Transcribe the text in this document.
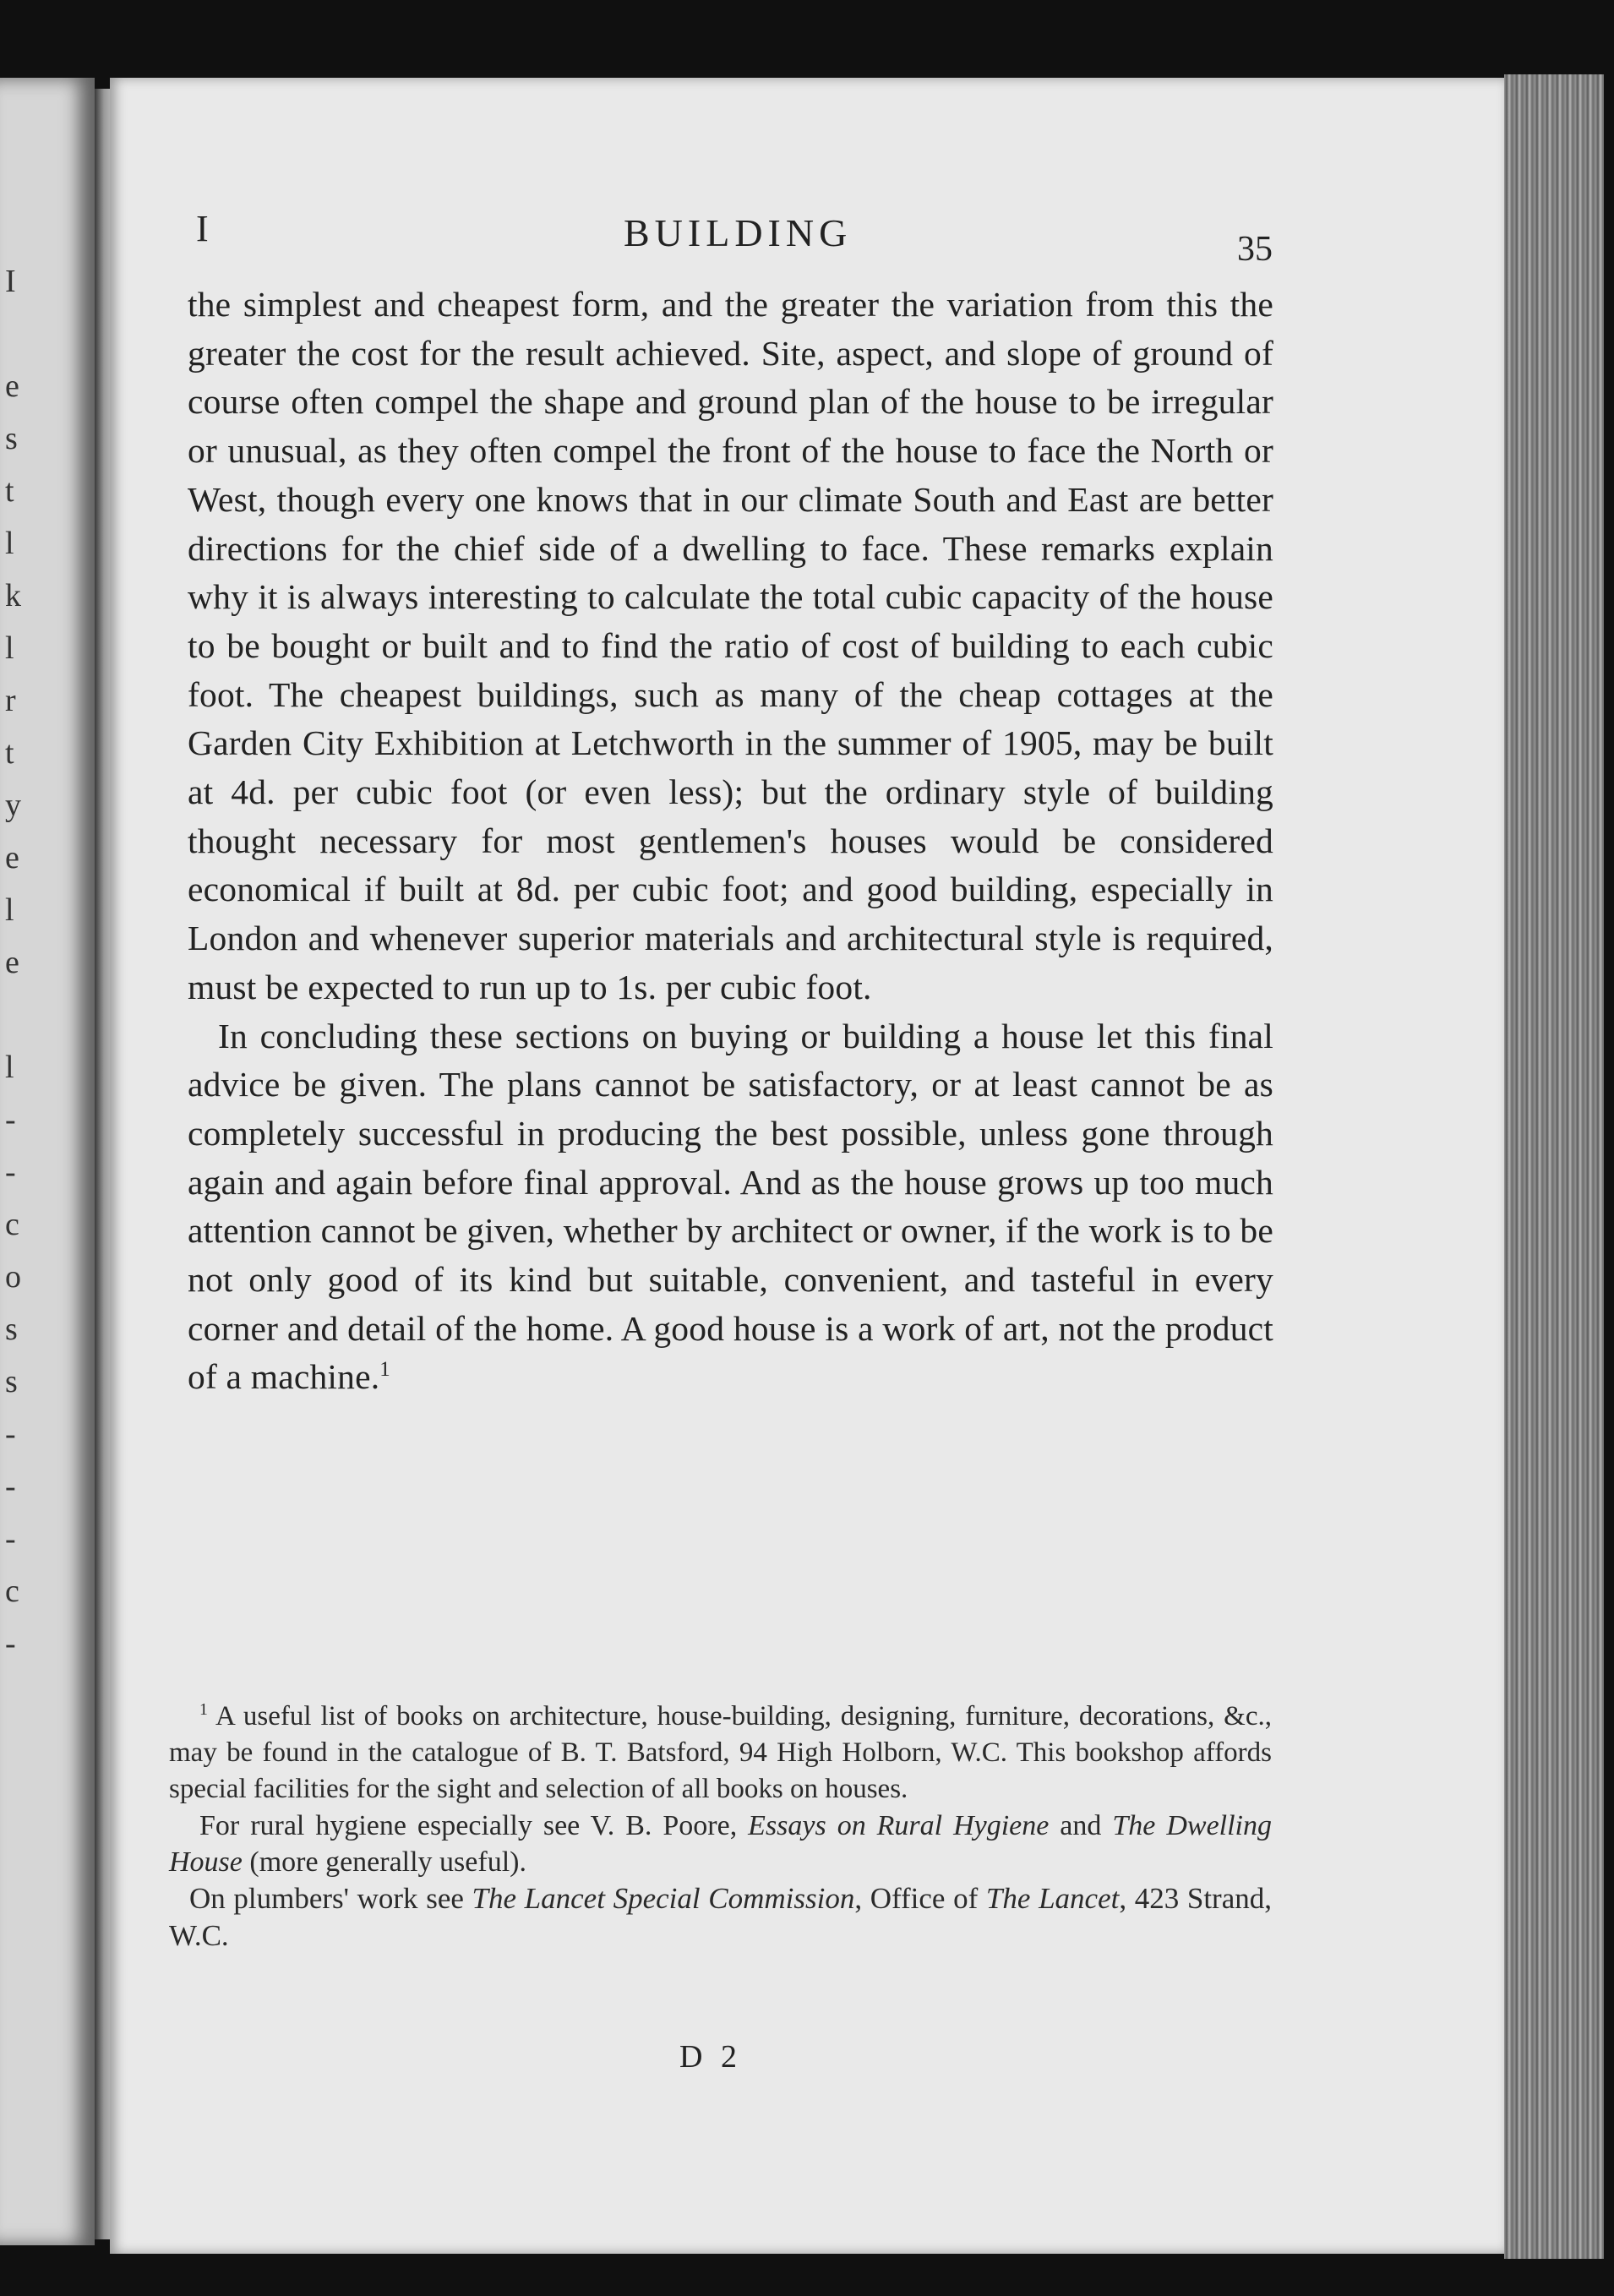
I
e
s
t
l
k
l
r
t
y
e
l
e
l
-
-
c
o
s
s
-
-
-
c
-
I	BUILDING	35

the simplest and cheapest form, and the greater the variation from this the greater the cost for the result achieved. Site, aspect, and slope of ground of course often compel the shape and ground plan of the house to be irregular or unusual, as they often compel the front of the house to face the North or West, though every one knows that in our climate South and East are better directions for the chief side of a dwelling to face. These remarks explain why it is always interesting to calculate the total cubic capacity of the house to be bought or built and to find the ratio of cost of building to each cubic foot. The cheapest buildings, such as many of the cheap cottages at the Garden City Exhibition at Letchworth in the summer of 1905, may be built at 4d. per cubic foot (or even less); but the ordinary style of building thought necessary for most gentlemen's houses would be considered economical if built at 8d. per cubic foot; and good building, especially in London and whenever superior materials and architectural style is required, must be expected to run up to 1s. per cubic foot.

In concluding these sections on buying or building a house let this final advice be given. The plans cannot be satisfactory, or at least cannot be as completely successful in producing the best possible, unless gone through again and again before final approval. And as the house grows up too much attention cannot be given, whether by architect or owner, if the work is to be not only good of its kind but suitable, convenient, and tasteful in every corner and detail of the home. A good house is a work of art, not the product of a machine.$^1$

$^1$ A useful list of books on architecture, house-building, designing, furniture, decorations, &c., may be found in the catalogue of B. T. Batsford, 94 High Holborn, W.C. This bookshop affords special facilities for the sight and selection of all books on houses.

For rural hygiene especially see V. B. Poore, Essays on Rural Hygiene and The Dwelling House (more generally useful).

On plumbers' work see The Lancet Special Commission, Office of The Lancet, 423 Strand, W.C.

D 2
